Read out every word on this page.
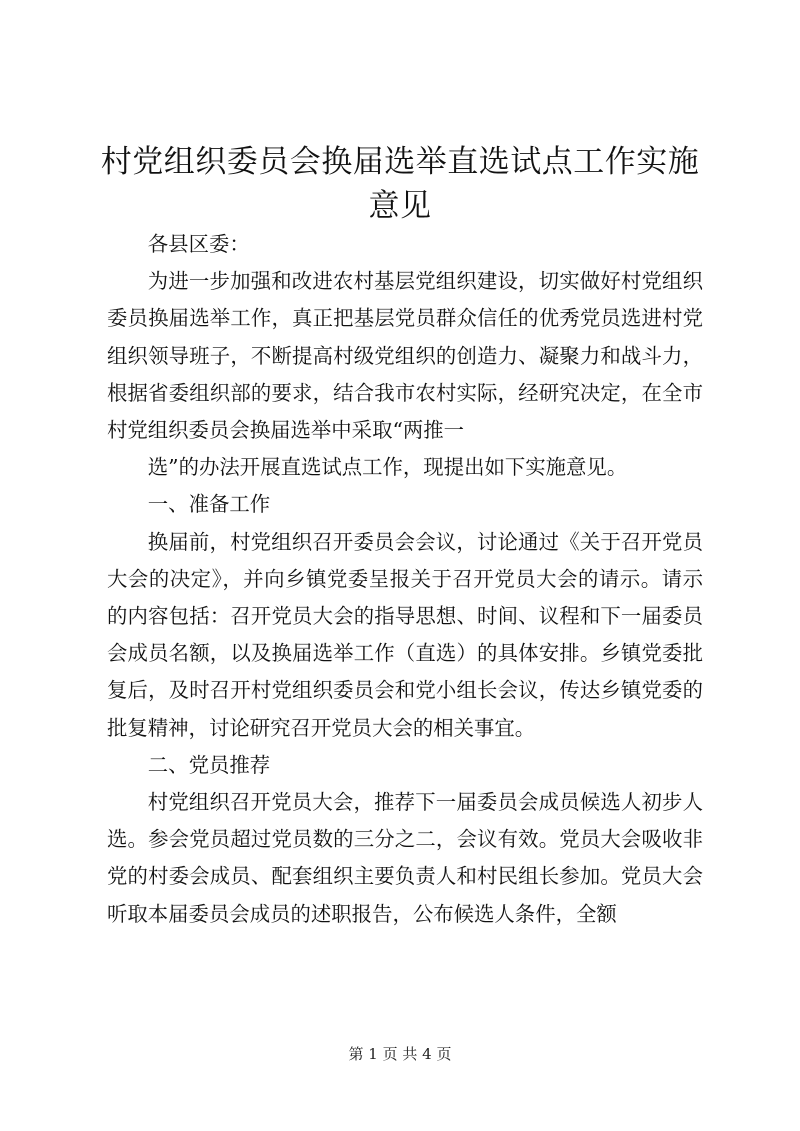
村党组织委员会换届选举直选试点工作实施意见

各县区委：

为进一步加强和改进农村基层党组织建设，切实做好村党组织委员换届选举工作，真正把基层党员群众信任的优秀党员选进村党组织领导班子，不断提高村级党组织的创造力、凝聚力和战斗力，根据省委组织部的要求，结合我市农村实际，经研究决定，在全市村党组织委员会换届选举中采取“两推一

选”的办法开展直选试点工作，现提出如下实施意见。

一、准备工作

换届前，村党组织召开委员会会议，讨论通过《关于召开党员大会的决定》，并向乡镇党委呈报关于召开党员大会的请示。请示的内容包括：召开党员大会的指导思想、时间、议程和下一届委员会成员名额，以及换届选举工作（直选）的具体安排。乡镇党委批复后，及时召开村党组织委员会和党小组长会议，传达乡镇党委的批复精神，讨论研究召开党员大会的相关事宜。

二、党员推荐

村党组织召开党员大会，推荐下一届委员会成员候选人初步人选。参会党员超过党员数的三分之二，会议有效。党员大会吸收非党的村委会成员、配套组织主要负责人和村民组长参加。党员大会听取本届委员会成员的述职报告，公布候选人条件，全额

第 1 页 共 4 页
